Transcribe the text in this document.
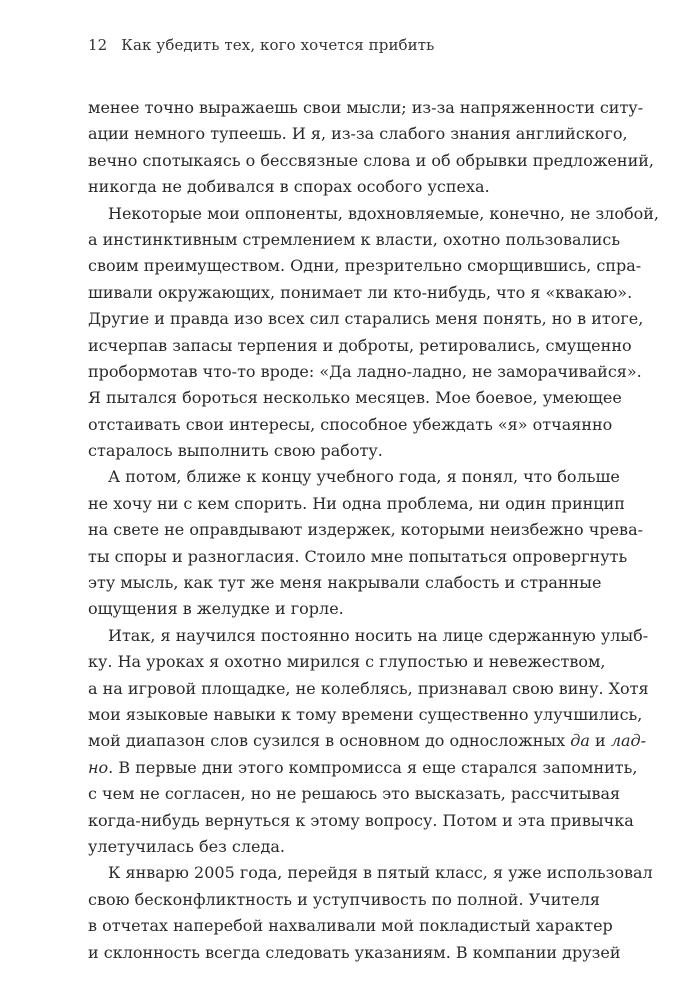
12 Как убедить тех, кого хочется прибить
менее точно выражаешь свои мысли; из-за напряженности ситу-
ации немного тупеешь. И я, из-за слабого знания английского,
вечно спотыкаясь о бессвязные слова и об обрывки предложений,
никогда не добивался в спорах особого успеха.
Некоторые мои оппоненты, вдохновляемые, конечно, не злобой,
а инстинктивным стремлением к власти, охотно пользовались
своим преимуществом. Одни, презрительно сморщившись, спра-
шивали окружающих, понимает ли кто-нибудь, что я «квакаю».
Другие и правда изо всех сил старались меня понять, но в итоге,
исчерпав запасы терпения и доброты, ретировались, смущенно
пробормотав что-то вроде: «Да ладно-ладно, не заморачивайся».
Я пытался бороться несколько месяцев. Мое боевое, умеющее
отстаивать свои интересы, способное убеждать «я» отчаянно
старалось выполнить свою работу.
А потом, ближе к концу учебного года, я понял, что больше
не хочу ни с кем спорить. Ни одна проблема, ни один принцип
на свете не оправдывают издержек, которыми неизбежно чрева-
ты споры и разногласия. Стоило мне попытаться опровергнуть
эту мысль, как тут же меня накрывали слабость и странные
ощущения в желудке и горле.
Итак, я научился постоянно носить на лице сдержанную улыб-
ку. На уроках я охотно мирился с глупостью и невежеством,
а на игровой площадке, не колеблясь, признавал свою вину. Хотя
мои языковые навыки к тому времени существенно улучшились,
мой диапазон слов сузился в основном до односложных да и лад-
но. В первые дни этого компромисса я еще старался запомнить,
с чем не согласен, но не решаюсь это высказать, рассчитывая
когда-нибудь вернуться к этому вопросу. Потом и эта привычка
улетучилась без следа.
К январю 2005 года, перейдя в пятый класс, я уже использовал
свою бесконфликтность и уступчивость по полной. Учителя
в отчетах наперебой нахваливали мой покладистый характер
и склонность всегда следовать указаниям. В компании друзей
